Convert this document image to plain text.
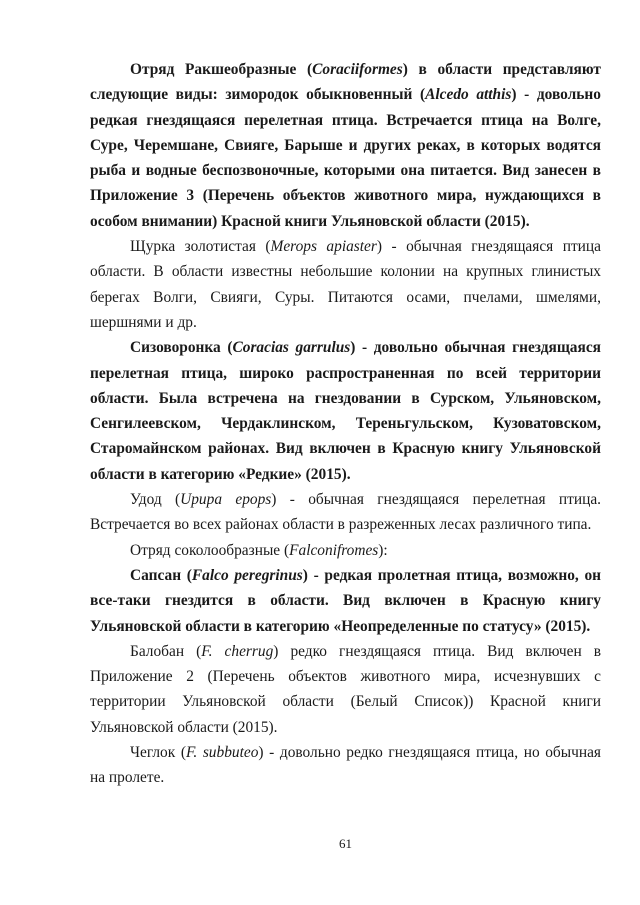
Отряд Ракшеобразные (Coraciiformes) в области представляют следующие виды: зимородок обыкновенный (Alcedo atthis) - довольно редкая гнездящаяся перелетная птица. Встречается птица на Волге, Суре, Черемшане, Свияге, Барыше и других реках, в которых водятся рыба и водные беспозвоночные, которыми она питается. Вид занесен в Приложение 3 (Перечень объектов животного мира, нуждающихся в особом внимании) Красной книги Ульяновской области (2015).

Щурка золотистая (Merops apiaster) - обычная гнездящаяся птица области. В области известны небольшие колонии на крупных глинистых берегах Волги, Свияги, Суры. Питаются осами, пчелами, шмелями, шершнями и др.

Сизоворонка (Coracias garrulus) - довольно обычная гнездящаяся перелетная птица, широко распространенная по всей территории области. Была встречена на гнездовании в Сурском, Ульяновском, Сенгилеевском, Чердаклинском, Тереньгульском, Кузоватовском, Старомайнском районах. Вид включен в Красную книгу Ульяновской области в категорию «Редкие» (2015).

Удод (Upupa epops) - обычная гнездящаяся перелетная птица. Встречается во всех районах области в разреженных лесах различного типа.

Отряд соколообразные (Falconifromes):

Сапсан (Falco peregrinus) - редкая пролетная птица, возможно, он все-таки гнездится в области. Вид включен в Красную книгу Ульяновской области в категорию «Неопределенные по статусу» (2015).

Балобан (F. cherrug) редко гнездящаяся птица. Вид включен в Приложение 2 (Перечень объектов животного мира, исчезнувших с территории Ульяновской области (Белый Список)) Красной книги Ульяновской области (2015).

Чеглок (F. subbuteo) - довольно редко гнездящаяся птица, но обычная на пролете.

61
